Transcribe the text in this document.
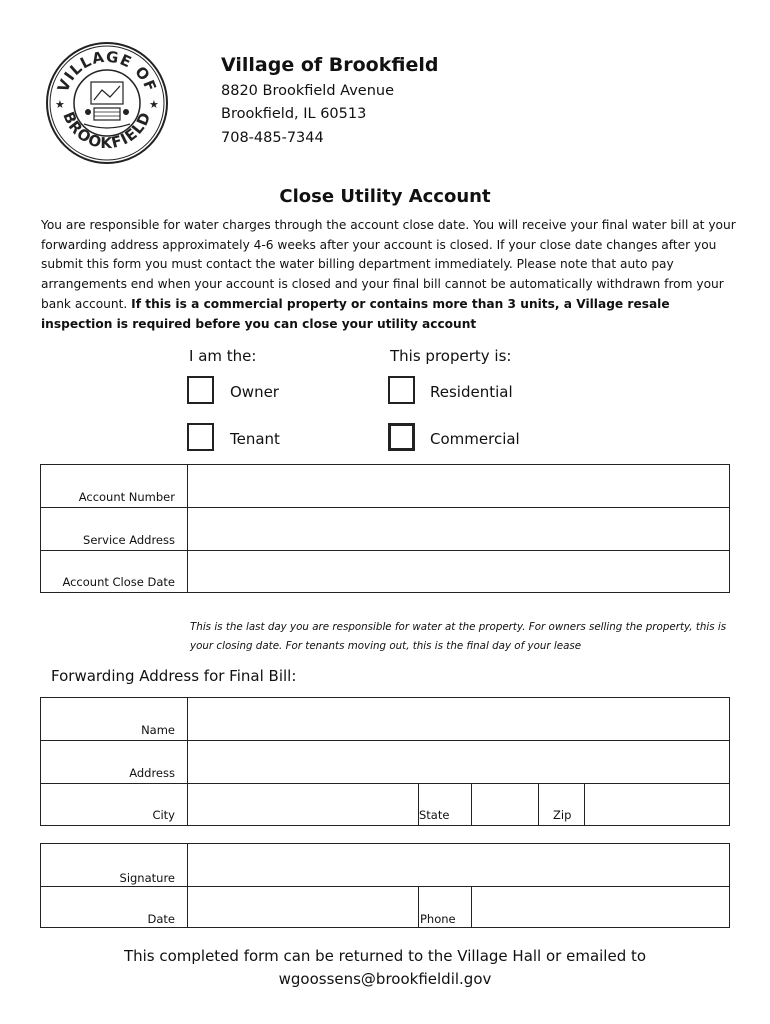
VILLAGE OF
BROOKFIELD
★	★
Village of Brookfield
8820 Brookfield Avenue
Brookfield, IL 60513
708-485-7344
Close Utility Account
You are responsible for water charges through the account close date. You will receive your final water bill at your forwarding address approximately 4-6 weeks after your account is closed. If your close date changes after you submit this form you must contact the water billing department immediately. Please note that auto pay arrangements end when your account is closed and your final bill cannot be automatically withdrawn from your bank account. If this is a commercial property or contains more than 3 units, a Village resale inspection is required before you can close your utility account
I am the:	This property is:
Owner	Residential
Tenant	Commercial
Account Number
Service Address
Account Close Date
This is the last day you are responsible for water at the property. For owners selling the property, this is your closing date. For tenants moving out, this is the final day of your lease
Forwarding Address for Final Bill:
Name
Address
City	State	Zip
Signature
Date	Phone
This completed form can be returned to the Village Hall or emailed to
wgoossens@brookfieldil.gov
